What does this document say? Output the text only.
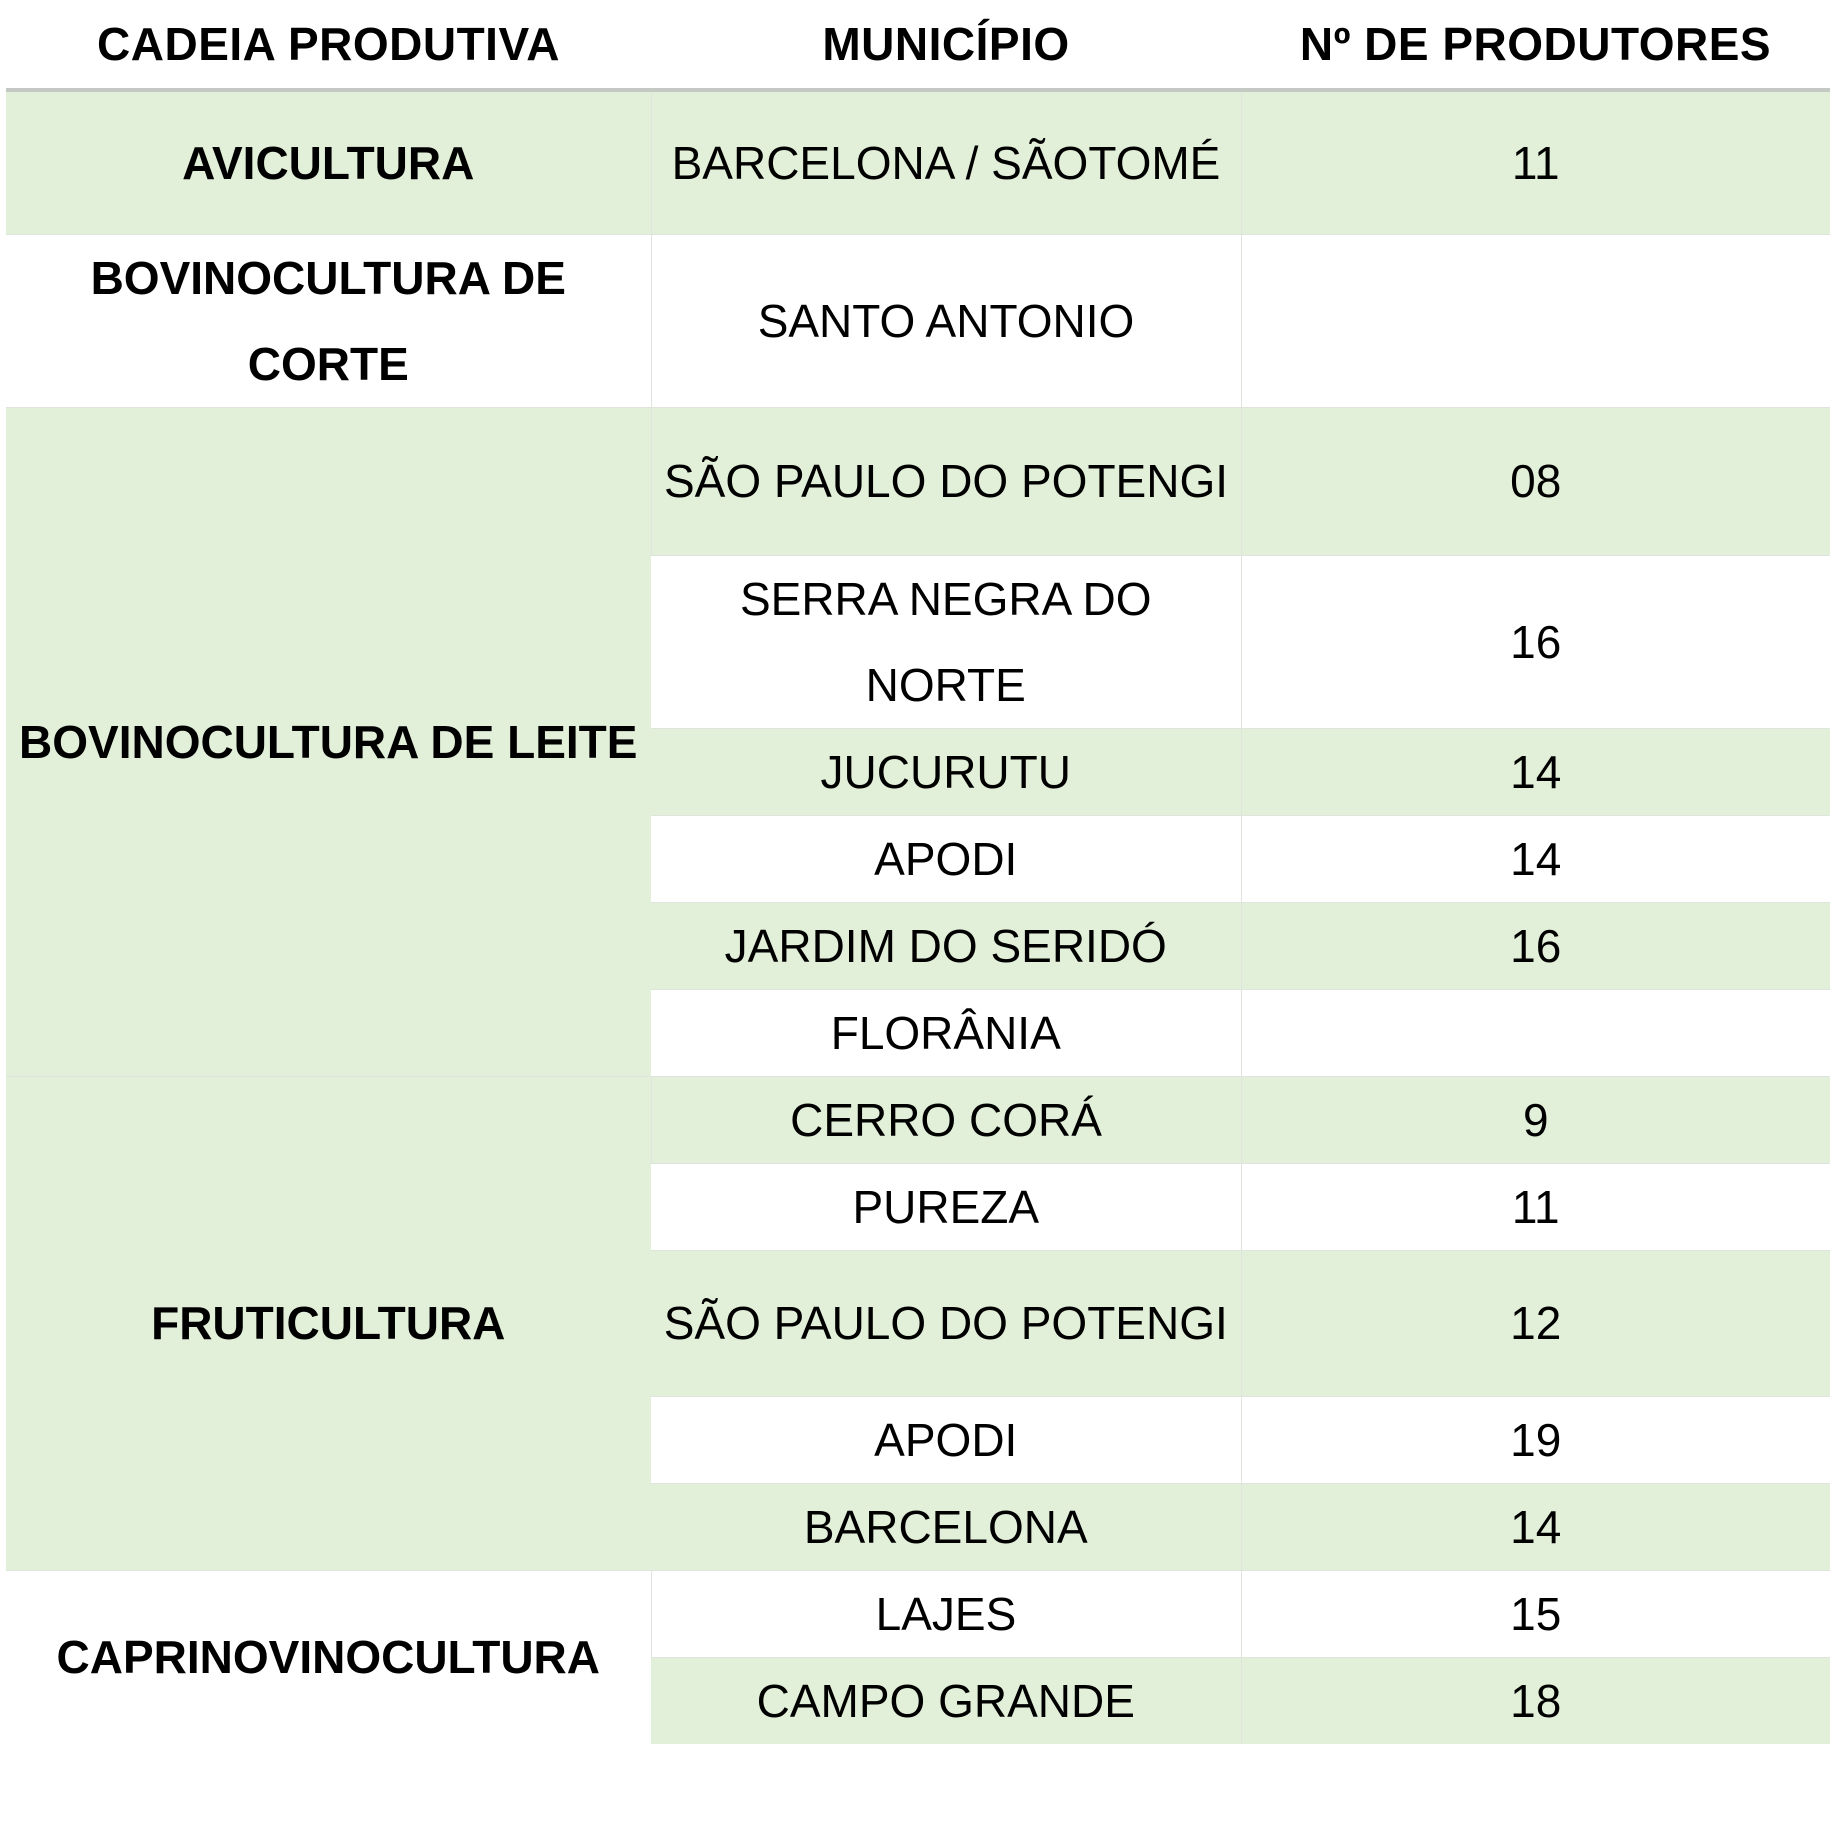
CADEIA PRODUTIVA	MUNICÍPIO	Nº DE PRODUTORES
AVICULTURA	BARCELONA / SÃOTOMÉ	11
BOVINOCULTURA DE CORTE	SANTO ANTONIO	
BOVINOCULTURA DE LEITE	SÃO PAULO DO POTENGI	08
	SERRA NEGRA DO NORTE	16
	JUCURUTU	14
	APODI	14
	JARDIM DO SERIDÓ	16
	FLORÂNIA	
FRUTICULTURA	CERRO CORÁ	9
	PUREZA	11
	SÃO PAULO DO POTENGI	12
	APODI	19
	BARCELONA	14
CAPRINOVINOCULTURA	LAJES	15
	CAMPO GRANDE	18
